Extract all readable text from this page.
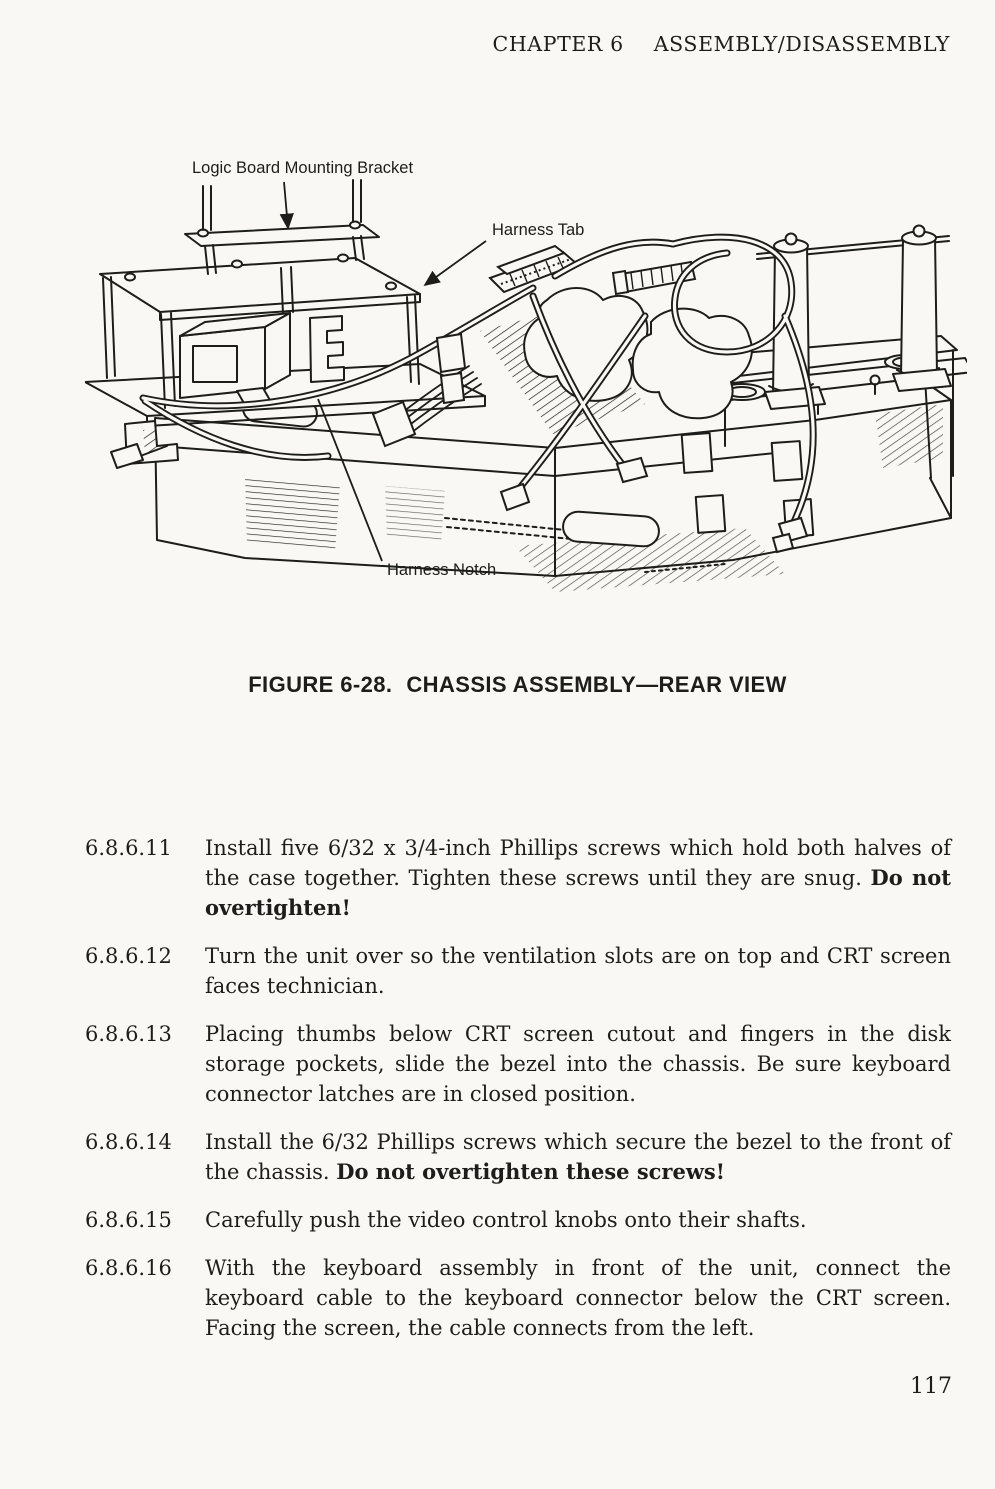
CHAPTER 6 ASSEMBLY/DISASSEMBLY
Logic Board Mounting Bracket
Harness Tab
Harness Notch
FIGURE 6-28. CHASSIS ASSEMBLY—REAR VIEW
6.8.6.11	Install five 6/32 x 3/4-inch Phillips screws which hold both halves of the case together. Tighten these screws until they are snug. Do not overtighten!
6.8.6.12	Turn the unit over so the ventilation slots are on top and CRT screen faces technician.
6.8.6.13	Placing thumbs below CRT screen cutout and fingers in the disk storage pockets, slide the bezel into the chassis. Be sure keyboard connector latches are in closed position.
6.8.6.14	Install the 6/32 Phillips screws which secure the bezel to the front of the chassis. Do not overtighten these screws!
6.8.6.15	Carefully push the video control knobs onto their shafts.
6.8.6.16	With the keyboard assembly in front of the unit, connect the keyboard cable to the keyboard connector below the CRT screen. Facing the screen, the cable connects from the left.
117
